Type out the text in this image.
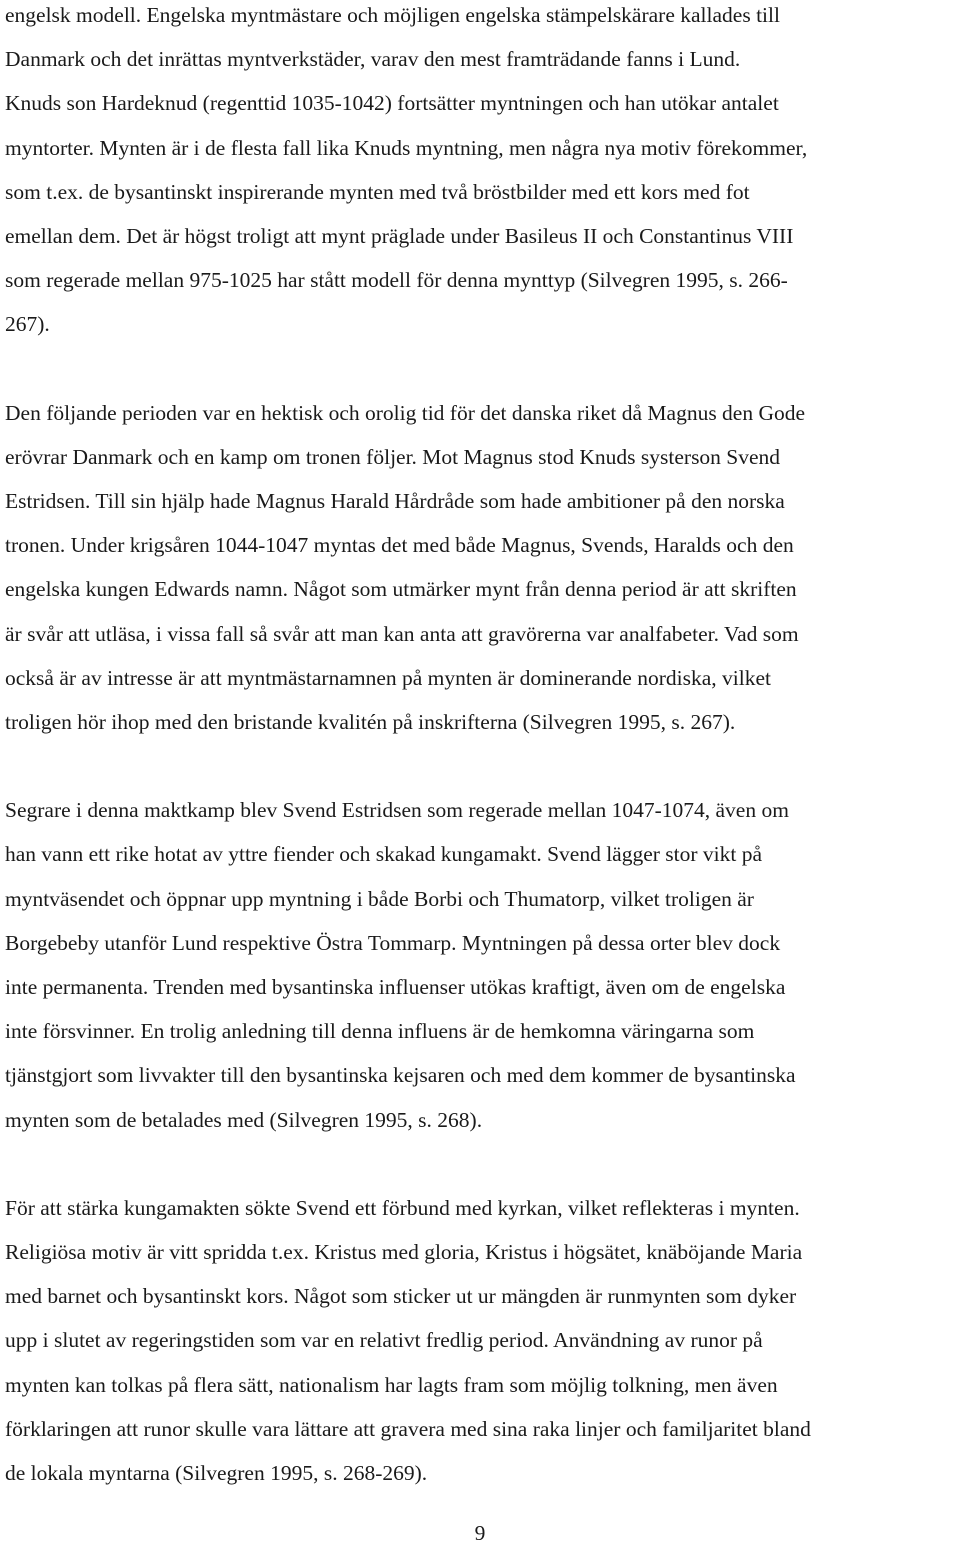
engelsk modell. Engelska myntmästare och möjligen engelska stämpelskärare kallades till
Danmark och det inrättas myntverkstäder, varav den mest framträdande fanns i Lund.
Knuds son Hardeknud (regenttid 1035-1042) fortsätter myntningen och han utökar antalet
myntorter. Mynten är i de flesta fall lika Knuds myntning, men några nya motiv förekommer,
som t.ex. de bysantinskt inspirerande mynten med två bröstbilder med ett kors med fot
emellan dem. Det är högst troligt att mynt präglade under Basileus II och Constantinus VIII
som regerade mellan 975-1025 har stått modell för denna mynttyp (Silvegren 1995, s. 266-
267).

Den följande perioden var en hektisk och orolig tid för det danska riket då Magnus den Gode
erövrar Danmark och en kamp om tronen följer. Mot Magnus stod Knuds systerson Svend
Estridsen. Till sin hjälp hade Magnus Harald Hårdråde som hade ambitioner på den norska
tronen. Under krigsåren 1044-1047 myntas det med både Magnus, Svends, Haralds och den
engelska kungen Edwards namn. Något som utmärker mynt från denna period är att skriften
är svår att utläsa, i vissa fall så svår att man kan anta att gravörerna var analfabeter. Vad som
också är av intresse är att myntmästarnamnen på mynten är dominerande nordiska, vilket
troligen hör ihop med den bristande kvalitén på inskrifterna (Silvegren 1995, s. 267).

Segrare i denna maktkamp blev Svend Estridsen som regerade mellan 1047-1074, även om
han vann ett rike hotat av yttre fiender och skakad kungamakt. Svend lägger stor vikt på
myntväsendet och öppnar upp myntning i både Borbi och Thumatorp, vilket troligen är
Borgebeby utanför Lund respektive Östra Tommarp. Myntningen på dessa orter blev dock
inte permanenta. Trenden med bysantinska influenser utökas kraftigt, även om de engelska
inte försvinner. En trolig anledning till denna influens är de hemkomna väringarna som
tjänstgjort som livvakter till den bysantinska kejsaren och med dem kommer de bysantinska
mynten som de betalades med (Silvegren 1995, s. 268).

För att stärka kungamakten sökte Svend ett förbund med kyrkan, vilket reflekteras i mynten.
Religiösa motiv är vitt spridda t.ex. Kristus med gloria, Kristus i högsätet, knäböjande Maria
med barnet och bysantinskt kors. Något som sticker ut ur mängden är runmynten som dyker
upp i slutet av regeringstiden som var en relativt fredlig period. Användning av runor på
mynten kan tolkas på flera sätt, nationalism har lagts fram som möjlig tolkning, men även
förklaringen att runor skulle vara lättare att gravera med sina raka linjer och familjaritet bland
de lokala myntarna (Silvegren 1995, s. 268-269).

9
